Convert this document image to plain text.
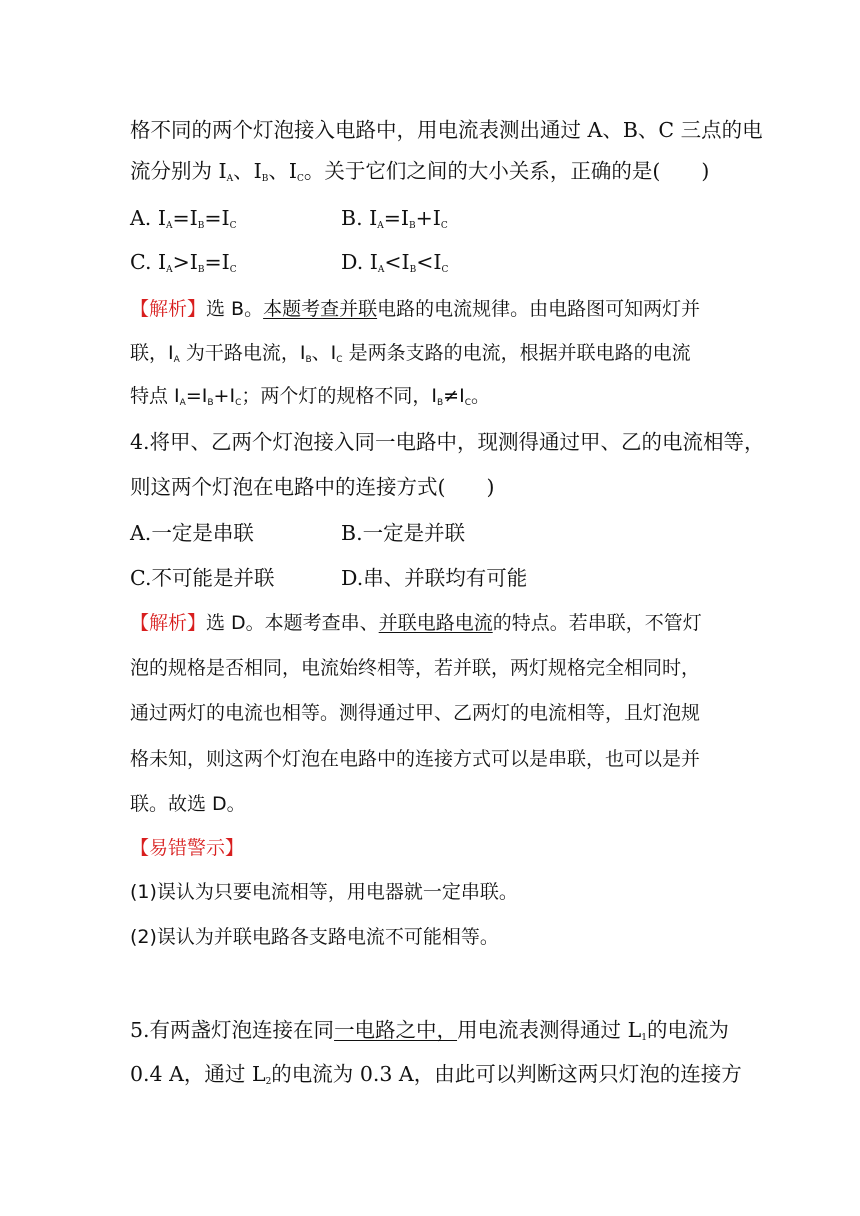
格不同的两个灯泡接入电路中，用电流表测出通过 A、B、C 三点的电
流分别为 $I_A$、$I_B$、$I_C$。关于它们之间的大小关系，正确的是(　　)
A. $I_A=I_B=I_C$	B. $I_A=I_B+I_C$
C. $I_A>I_B=I_C$	D. $I_A<I_B<I_C$
【解析】选 B。本题考查并联电路的电流规律。由电路图可知两灯并
联，$I_A$ 为干路电流，$I_B$、$I_C$ 是两条支路的电流，根据并联电路的电流
特点 $I_A=I_B+I_C$；两个灯的规格不同，$I_B\ne I_C$。
4.将甲、乙两个灯泡接入同一电路中，现测得通过甲、乙的电流相等，
则这两个灯泡在电路中的连接方式(　　)
A.一定是串联	B.一定是并联
C.不可能是并联	D.串、并联均有可能
【解析】选 D。本题考查串、并联电路电流的特点。若串联，不管灯
泡的规格是否相同，电流始终相等，若并联，两灯规格完全相同时，
通过两灯的电流也相等。测得通过甲、乙两灯的电流相等，且灯泡规
格未知，则这两个灯泡在电路中的连接方式可以是串联，也可以是并
联。故选 D。
【易错警示】
(1)误认为只要电流相等，用电器就一定串联。
(2)误认为并联电路各支路电流不可能相等。
5.有两盏灯泡连接在同一电路之中，用电流表测得通过 $L_1$的电流为
0.4 A，通过 $L_2$的电流为 0.3 A，由此可以判断这两只灯泡的连接方
